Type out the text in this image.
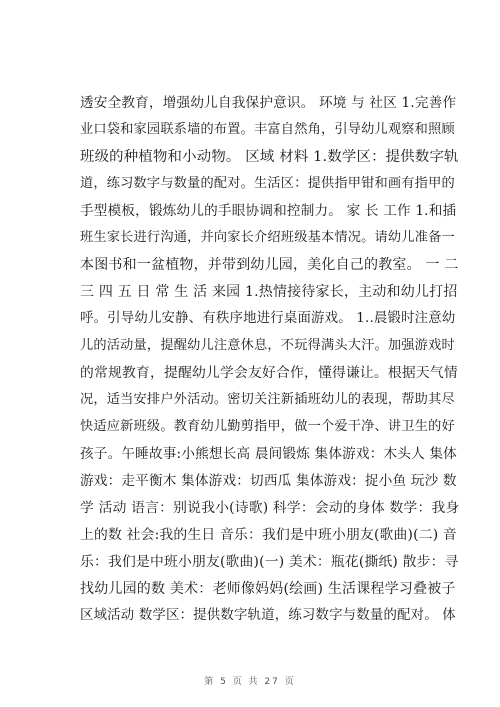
透安全教育，增强幼儿自我保护意识。 环境 与 社区 1.完善作
业口袋和家园联系墙的布置。丰富自然角，引导幼儿观察和照顾
班级的种植物和小动物。 区域 材料 1.数学区：提供数字轨
道，练习数字与数量的配对。生活区：提供指甲钳和画有指甲的
手型模板，锻炼幼儿的手眼协调和控制力。 家 长 工作 1.和插
班生家长进行沟通，并向家长介绍班级基本情况。请幼儿准备一
本图书和一盆植物，并带到幼儿园，美化自己的教室。 一 二
三 四 五 日 常 生 活 来园 1.热情接待家长，主动和幼儿打招
呼。引导幼儿安静、有秩序地进行桌面游戏。 1..晨锻时注意幼
儿的活动量，提醒幼儿注意休息，不玩得满头大汗。加强游戏时
的常规教育，提醒幼儿学会友好合作，懂得谦让。根据天气情
况，适当安排户外活动。密切关注新插班幼儿的表现，帮助其尽
快适应新班级。教育幼儿勤剪指甲，做一个爱干净、讲卫生的好
孩子。午睡故事:小熊想长高 晨间锻炼 集体游戏：木头人 集体
游戏：走平衡木 集体游戏：切西瓜 集体游戏：捉小鱼 玩沙 数
学 活动 语言：别说我小(诗歌) 科学：会动的身体 数学：我身
上的数 社会:我的生日 音乐：我们是中班小朋友(歌曲)(二) 音
乐：我们是中班小朋友(歌曲)(一) 美术：瓶花(撕纸) 散步：寻
找幼儿园的数 美术：老师像妈妈(绘画) 生活课程学习叠被子
区域活动 数学区：提供数字轨道，练习数字与数量的配对。 体
第 5 页 共 27 页
